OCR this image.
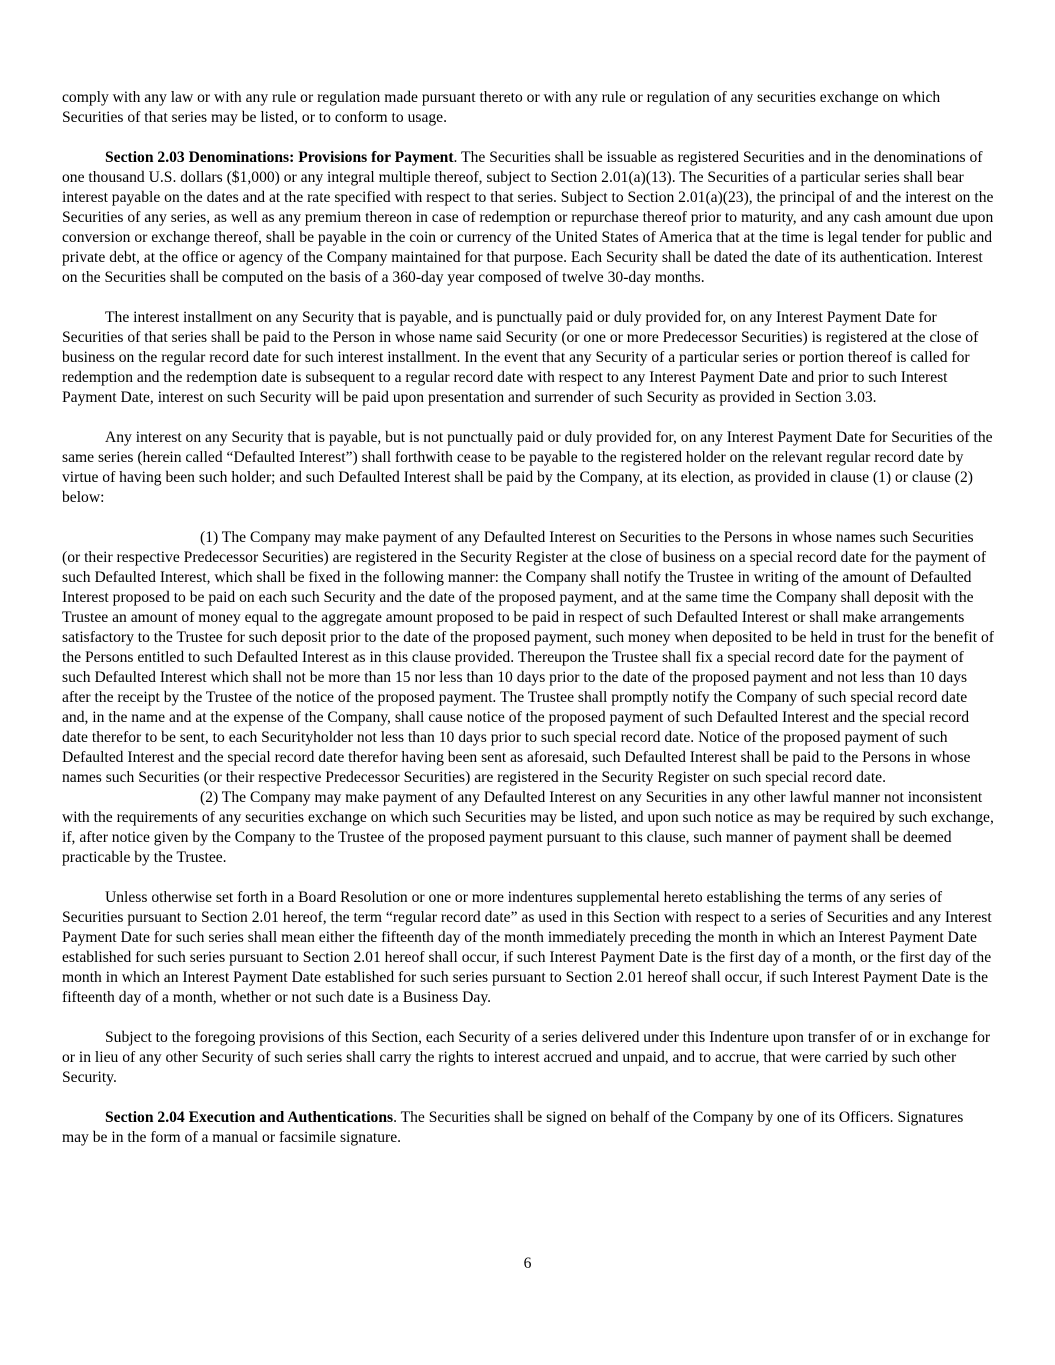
comply with any law or with any rule or regulation made pursuant thereto or with any rule or regulation of any securities exchange on which Securities of that series may be listed, or to conform to usage.

Section 2.03 Denominations: Provisions for Payment. The Securities shall be issuable as registered Securities and in the denominations of one thousand U.S. dollars ($1,000) or any integral multiple thereof, subject to Section 2.01(a)(13). The Securities of a particular series shall bear interest payable on the dates and at the rate specified with respect to that series. Subject to Section 2.01(a)(23), the principal of and the interest on the Securities of any series, as well as any premium thereon in case of redemption or repurchase thereof prior to maturity, and any cash amount due upon conversion or exchange thereof, shall be payable in the coin or currency of the United States of America that at the time is legal tender for public and private debt, at the office or agency of the Company maintained for that purpose. Each Security shall be dated the date of its authentication. Interest on the Securities shall be computed on the basis of a 360-day year composed of twelve 30-day months.

The interest installment on any Security that is payable, and is punctually paid or duly provided for, on any Interest Payment Date for Securities of that series shall be paid to the Person in whose name said Security (or one or more Predecessor Securities) is registered at the close of business on the regular record date for such interest installment. In the event that any Security of a particular series or portion thereof is called for redemption and the redemption date is subsequent to a regular record date with respect to any Interest Payment Date and prior to such Interest Payment Date, interest on such Security will be paid upon presentation and surrender of such Security as provided in Section 3.03.

Any interest on any Security that is payable, but is not punctually paid or duly provided for, on any Interest Payment Date for Securities of the same series (herein called “Defaulted Interest”) shall forthwith cease to be payable to the registered holder on the relevant regular record date by virtue of having been such holder; and such Defaulted Interest shall be paid by the Company, at its election, as provided in clause (1) or clause (2) below:

(1) The Company may make payment of any Defaulted Interest on Securities to the Persons in whose names such Securities (or their respective Predecessor Securities) are registered in the Security Register at the close of business on a special record date for the payment of such Defaulted Interest, which shall be fixed in the following manner: the Company shall notify the Trustee in writing of the amount of Defaulted Interest proposed to be paid on each such Security and the date of the proposed payment, and at the same time the Company shall deposit with the Trustee an amount of money equal to the aggregate amount proposed to be paid in respect of such Defaulted Interest or shall make arrangements satisfactory to the Trustee for such deposit prior to the date of the proposed payment, such money when deposited to be held in trust for the benefit of the Persons entitled to such Defaulted Interest as in this clause provided. Thereupon the Trustee shall fix a special record date for the payment of such Defaulted Interest which shall not be more than 15 nor less than 10 days prior to the date of the proposed payment and not less than 10 days after the receipt by the Trustee of the notice of the proposed payment. The Trustee shall promptly notify the Company of such special record date and, in the name and at the expense of the Company, shall cause notice of the proposed payment of such Defaulted Interest and the special record date therefor to be sent, to each Securityholder not less than 10 days prior to such special record date. Notice of the proposed payment of such Defaulted Interest and the special record date therefor having been sent as aforesaid, such Defaulted Interest shall be paid to the Persons in whose names such Securities (or their respective Predecessor Securities) are registered in the Security Register on such special record date.

(2) The Company may make payment of any Defaulted Interest on any Securities in any other lawful manner not inconsistent with the requirements of any securities exchange on which such Securities may be listed, and upon such notice as may be required by such exchange, if, after notice given by the Company to the Trustee of the proposed payment pursuant to this clause, such manner of payment shall be deemed practicable by the Trustee.

Unless otherwise set forth in a Board Resolution or one or more indentures supplemental hereto establishing the terms of any series of Securities pursuant to Section 2.01 hereof, the term “regular record date” as used in this Section with respect to a series of Securities and any Interest Payment Date for such series shall mean either the fifteenth day of the month immediately preceding the month in which an Interest Payment Date established for such series pursuant to Section 2.01 hereof shall occur, if such Interest Payment Date is the first day of a month, or the first day of the month in which an Interest Payment Date established for such series pursuant to Section 2.01 hereof shall occur, if such Interest Payment Date is the fifteenth day of a month, whether or not such date is a Business Day.

Subject to the foregoing provisions of this Section, each Security of a series delivered under this Indenture upon transfer of or in exchange for or in lieu of any other Security of such series shall carry the rights to interest accrued and unpaid, and to accrue, that were carried by such other Security.

Section 2.04 Execution and Authentications. The Securities shall be signed on behalf of the Company by one of its Officers. Signatures may be in the form of a manual or facsimile signature.

6
